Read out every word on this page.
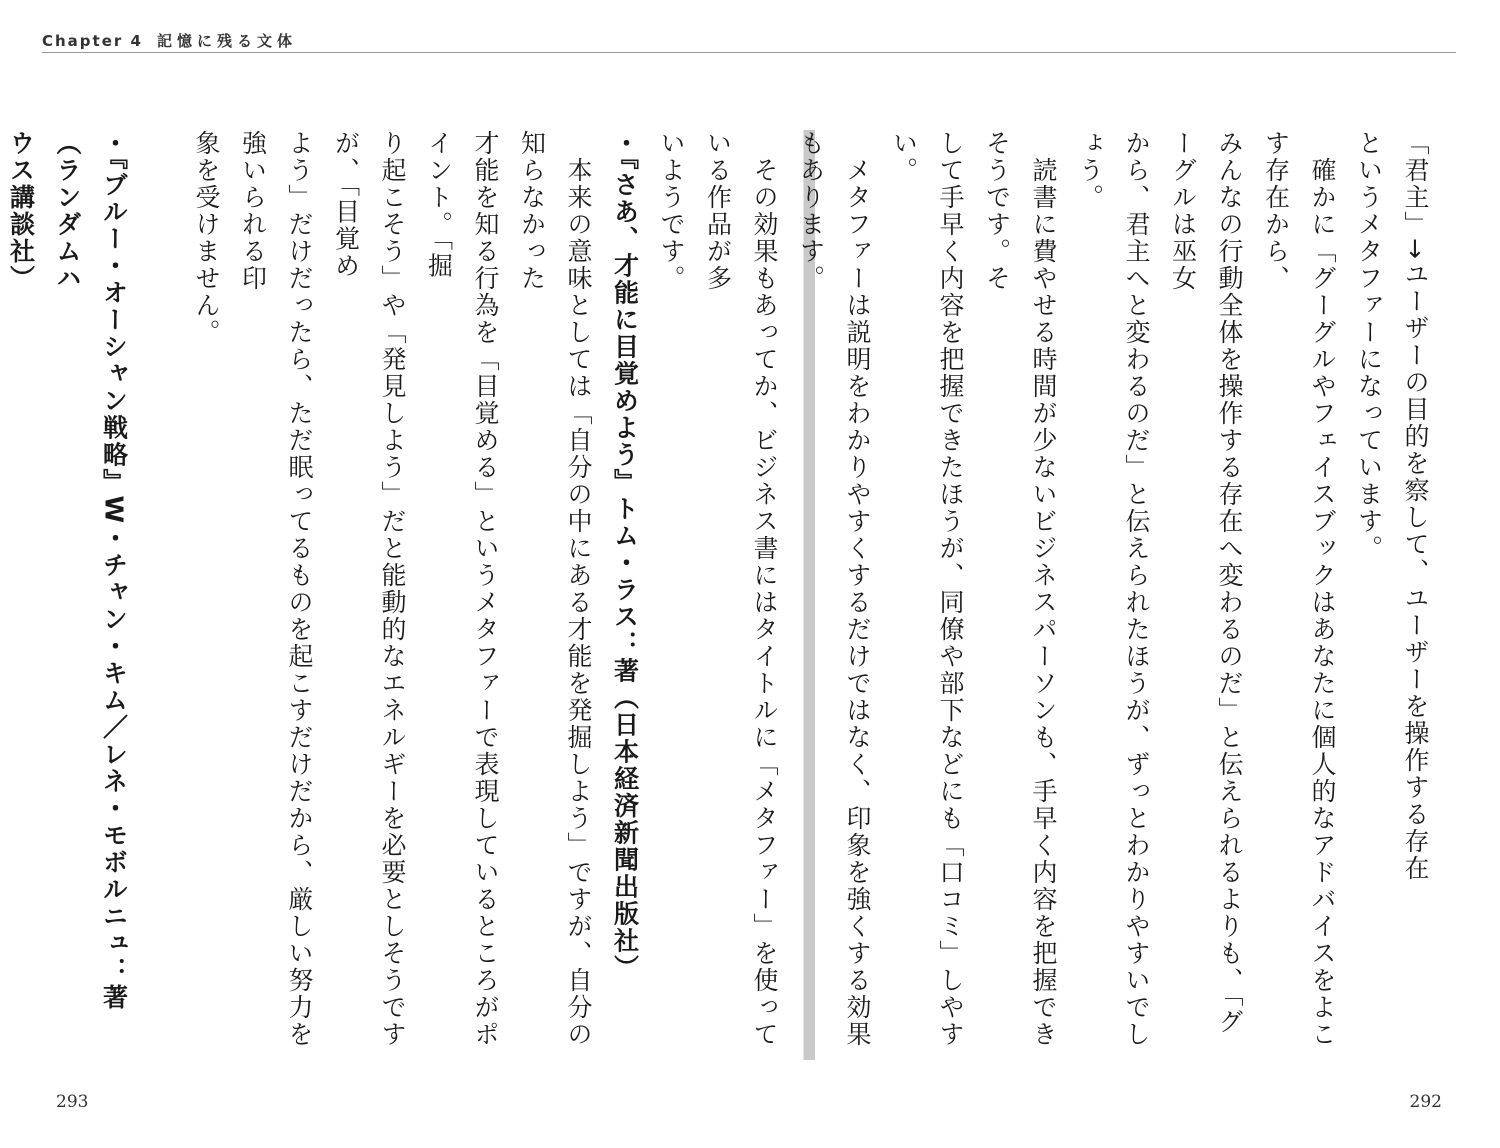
Chapter 4 記憶に残る文体
「君主」→ユーザーの目的を察して、ユーザーを操作する存在
というメタファーになっています。
　確かに「グーグルやフェイスブックはあなたに個人的なアドバイスをよこす存在から、
みんなの行動全体を操作する存在へ変わるのだ」と伝えられるよりも、「グーグルは巫女
から、君主へと変わるのだ」と伝えられたほうが、ずっとわかりやすいでしょう。
　読書に費やせる時間が少ないビジネスパーソンも、手早く内容を把握できそうです。そ
して手早く内容を把握できたほうが、同僚や部下などにも「口コミ」しやすい。
　メタファーは説明をわかりやすくするだけではなく、印象を強くする効果もあります。
　その効果もあってか、ビジネス書にはタイトルに「メタファー」を使っている作品が多
いようです。
・『さあ、才能に目覚めよう』トム・ラス：著（日本経済新聞出版社）
　本来の意味としては「自分の中にある才能を発掘しよう」ですが、自分の知らなかった
才能を知る行為を「目覚める」というメタファーで表現しているところがポイント。「掘
り起こそう」や「発見しよう」だと能動的なエネルギーを必要としそうですが、「目覚め
よう」だけだったら、ただ眠ってるものを起こすだけだから、厳しい努力を強いられる印
象を受けません。
・『ブルー・オーシャン戦略』W・チャン・キム／レネ・モボルニュ：著（ランダムハ
ウス講談社）
293	292
